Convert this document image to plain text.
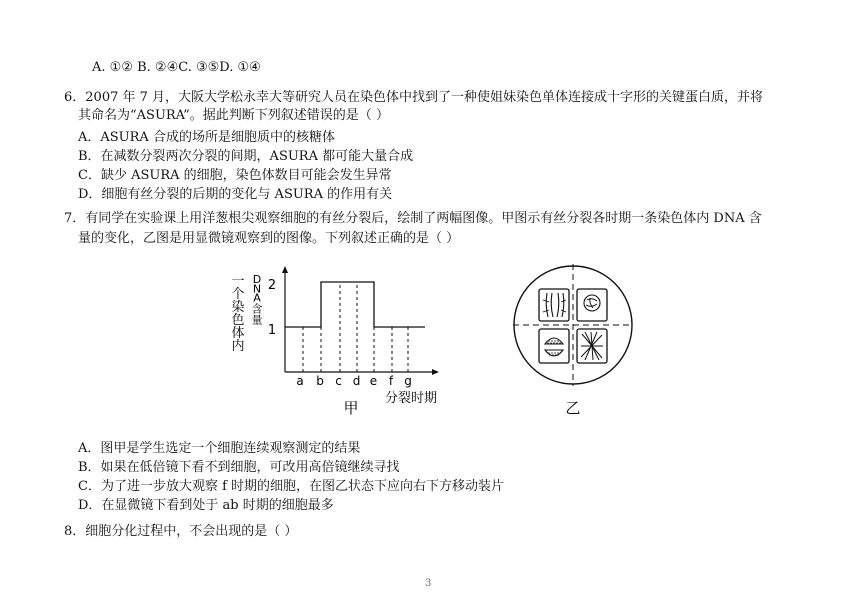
A. ①② B. ②④C. ③⑤D. ①④
6．2007 年 7 月，大阪大学松永幸大等研究人员在染色体中找到了一种使姐妹染色单体连接成十字形的关键蛋白质，并将
其命名为“ASURA”。据此判断下列叙述错误的是（ ）
A．ASURA 合成的场所是细胞质中的核糖体
B．在减数分裂两次分裂的间期，ASURA 都可能大量合成
C．缺少 ASURA 的细胞，染色体数目可能会发生异常
D．细胞有丝分裂的后期的变化与 ASURA 的作用有关
7．有同学在实验课上用洋葱根尖观察细胞的有丝分裂后，绘制了两幅图像。甲图示有丝分裂各时期一条染色体内 DNA 含
量的变化，乙图是用显微镜观察到的图像。下列叙述正确的是（ ）
一个染色体内
D N A 含量
1
2
a b c d e f g
分裂时期
甲	乙
A．图甲是学生选定一个细胞连续观察测定的结果
B．如果在低倍镜下看不到细胞，可改用高倍镜继续寻找
C．为了进一步放大观察 f 时期的细胞，在图乙状态下应向右下方移动装片
D．在显微镜下看到处于 ab 时期的细胞最多
8．细胞分化过程中，不会出现的是（ ）
3
